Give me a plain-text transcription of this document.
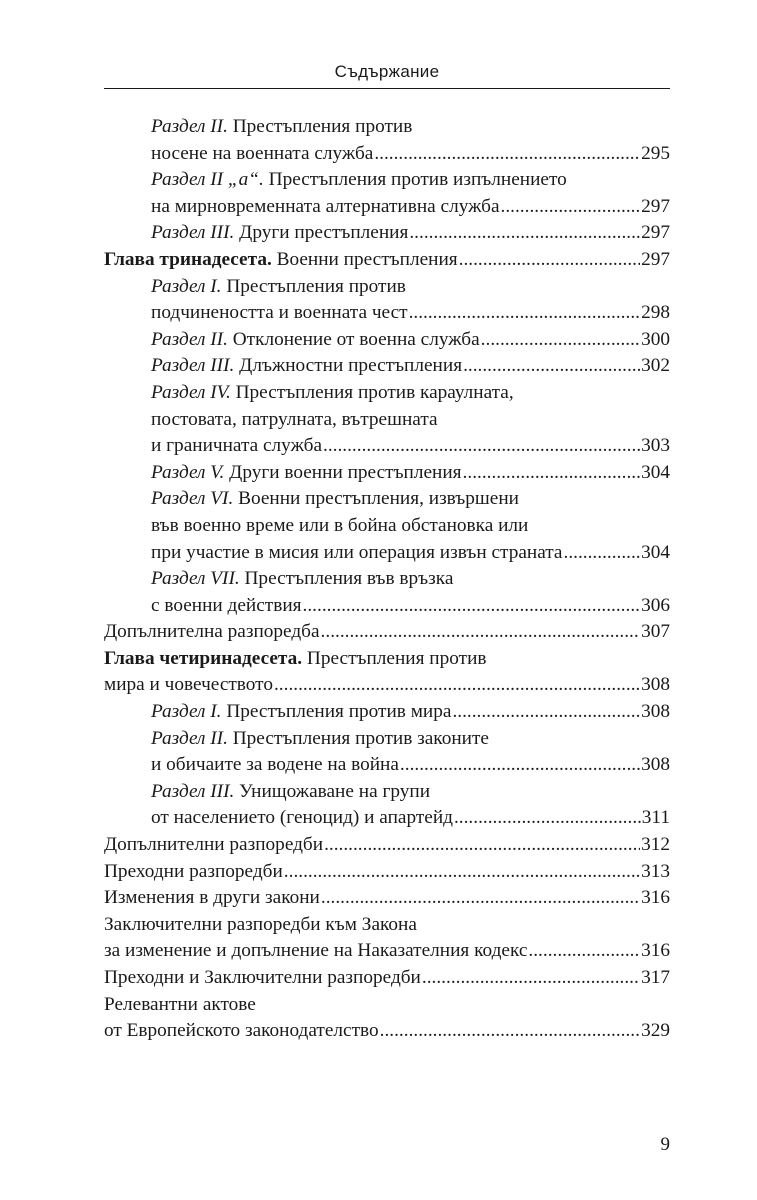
Съдържание
Раздел II. Престъпления против
носене на военната служба .....	295
Раздел II „а“. Престъпления против изпълнението
на мирновременната алтернативна служба .....	297
Раздел III. Други престъпления .....	297
Глава тринадесета. Военни престъпления .....	297
Раздел I. Престъпления против
подчинеността и военната чест .....	298
Раздел II. Отклонение от военна служба .....	300
Раздел III. Длъжностни престъпления .....	302
Раздел IV. Престъпления против караулната,
постовата, патрулната, вътрешната
и граничната служба .....	303
Раздел V. Други военни престъпления .....	304
Раздел VI. Военни престъпления, извършени
във военно време или в бойна обстановка или
при участие в мисия или операция извън страната .....	304
Раздел VII. Престъпления във връзка
с военни действия .....	306
Допълнителна разпоредба .....	307
Глава четиринадесета. Престъпления против
мира и човечеството .....	308
Раздел I. Престъпления против мира .....	308
Раздел II. Престъпления против законите
и обичаите за водене на война .....	308
Раздел III. Унищожаване на групи
от населението (геноцид) и апартейд .....	311
Допълнителни разпоредби .....	312
Преходни разпоредби .....	313
Изменения в други закони .....	316
Заключителни разпоредби към Закона
за изменение и допълнение на Наказателния кодекс .....	316
Преходни и Заключителни разпоредби .....	317
Релевантни актове
от Европейското законодателство .....	329
9
